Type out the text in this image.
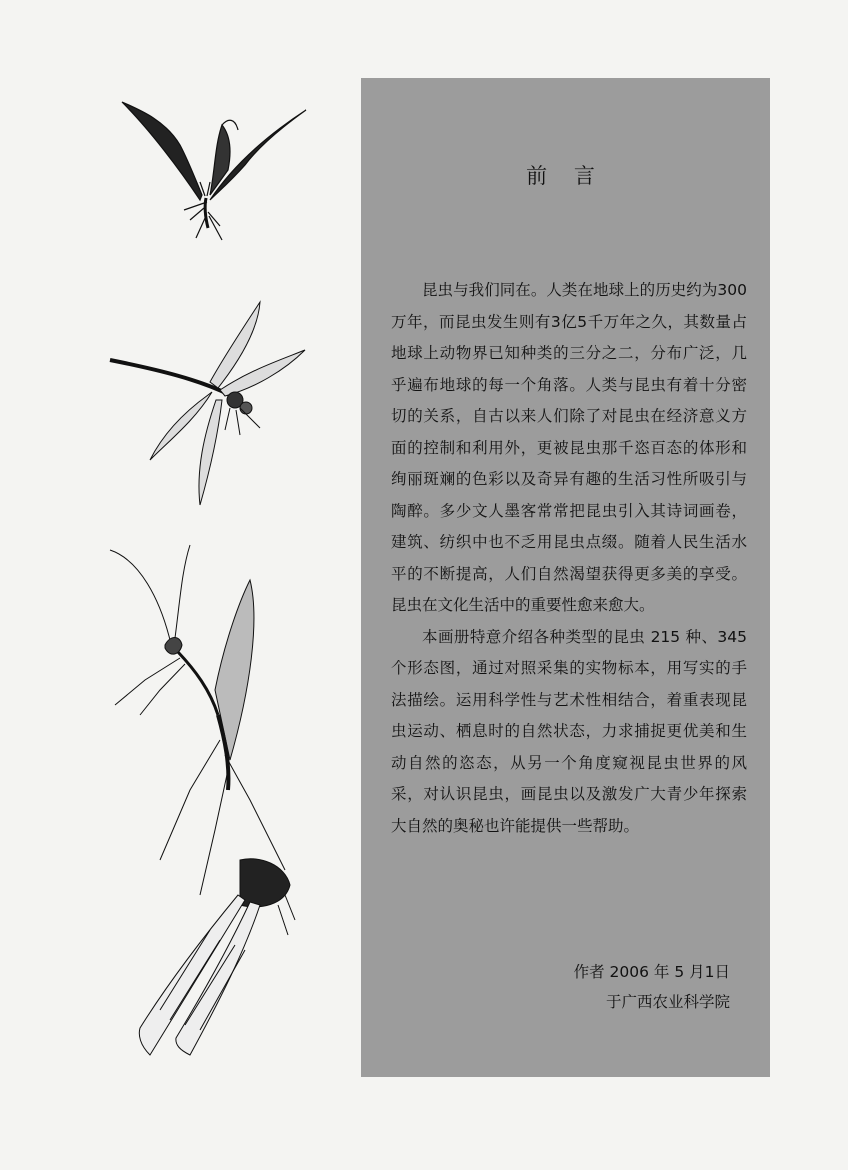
前 言

昆虫与我们同在。人类在地球上的历史约为300万年，而昆虫发生则有3亿5千万年之久，其数量占地球上动物界已知种类的三分之二，分布广泛，几乎遍布地球的每一个角落。人类与昆虫有着十分密切的关系，自古以来人们除了对昆虫在经济意义方面的控制和利用外，更被昆虫那千恣百态的体形和绚丽斑斓的色彩以及奇异有趣的生活习性所吸引与陶醉。多少文人墨客常常把昆虫引入其诗词画卷，建筑、纺织中也不乏用昆虫点缀。随着人民生活水平的不断提高，人们自然渴望获得更多美的享受。昆虫在文化生活中的重要性愈来愈大。

本画册特意介绍各种类型的昆虫 215 种、345个形态图，通过对照采集的实物标本，用写实的手法描绘。运用科学性与艺术性相结合，着重表现昆虫运动、栖息时的自然状态，力求捕捉更优美和生动自然的恣态，从另一个角度窥视昆虫世界的风采，对认识昆虫，画昆虫以及激发广大青少年探索大自然的奥秘也许能提供一些帮助。

作者 2006 年 5 月1日
于广西农业科学院
